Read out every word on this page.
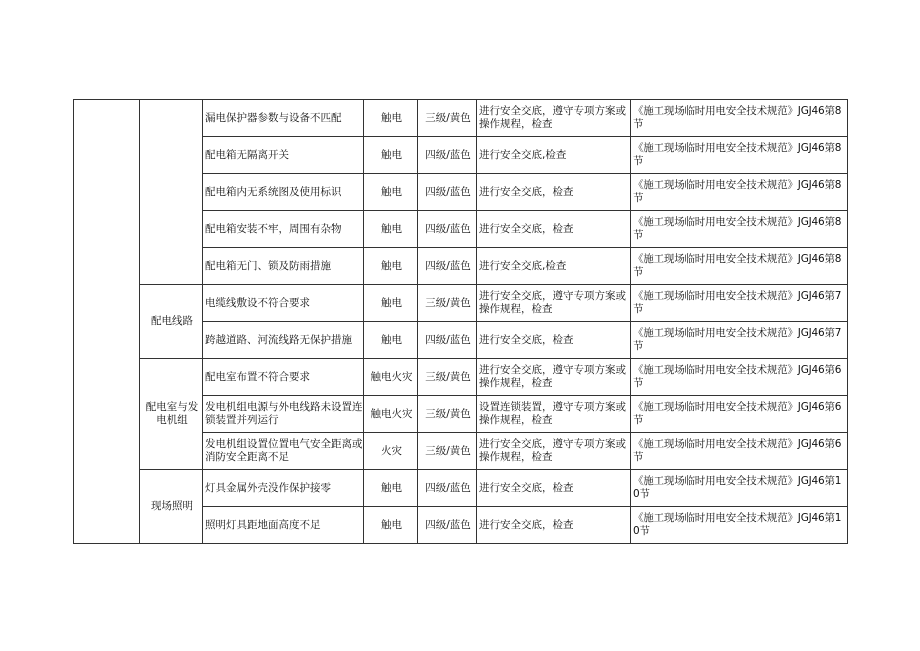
		漏电保护器参数与设备不匹配	触电	三级/黄色	进行安全交底，遵守专项方案或操作规程，检查	《施工现场临时用电安全技术规范》JGJ46第8节
		配电箱无隔离开关	触电	四级/蓝色	进行安全交底,检查	《施工现场临时用电安全技术规范》JGJ46第8节
		配电箱内无系统图及使用标识	触电	四级/蓝色	进行安全交底，检查	《施工现场临时用电安全技术规范》JGJ46第8节
		配电箱安装不牢，周围有杂物	触电	四级/蓝色	进行安全交底，检查	《施工现场临时用电安全技术规范》JGJ46第8节
		配电箱无门、锁及防雨措施	触电	四级/蓝色	进行安全交底,检查	《施工现场临时用电安全技术规范》JGJ46第8节
	配电线路	电缆线敷设不符合要求	触电	三级/黄色	进行安全交底，遵守专项方案或操作规程，检查	《施工现场临时用电安全技术规范》JGJ46第7节
		跨越道路、河流线路无保护措施	触电	四级/蓝色	进行安全交底，检查	《施工现场临时用电安全技术规范》JGJ46第7节
	配电室与发电机组	配电室布置不符合要求	触电火灾	三级/黄色	进行安全交底，遵守专项方案或操作规程，检查	《施工现场临时用电安全技术规范》JGJ46第6节
		发电机组电源与外电线路未设置连锁装置并列运行	触电火灾	三级/黄色	设置连锁装置，遵守专项方案或操作规程，检查	《施工现场临时用电安全技术规范》JGJ46第6节
		发电机组设置位置电气安全距离或消防安全距离不足	火灾	三级/黄色	进行安全交底，遵守专项方案或操作规程，检查	《施工现场临时用电安全技术规范》JGJ46第6节
	现场照明	灯具金属外壳没作保护接零	触电	四级/蓝色	进行安全交底，检查	《施工现场临时用电安全技术规范》JGJ46第10节
		照明灯具距地面高度不足	触电	四级/蓝色	进行安全交底，检查	《施工现场临时用电安全技术规范》JGJ46第10节
